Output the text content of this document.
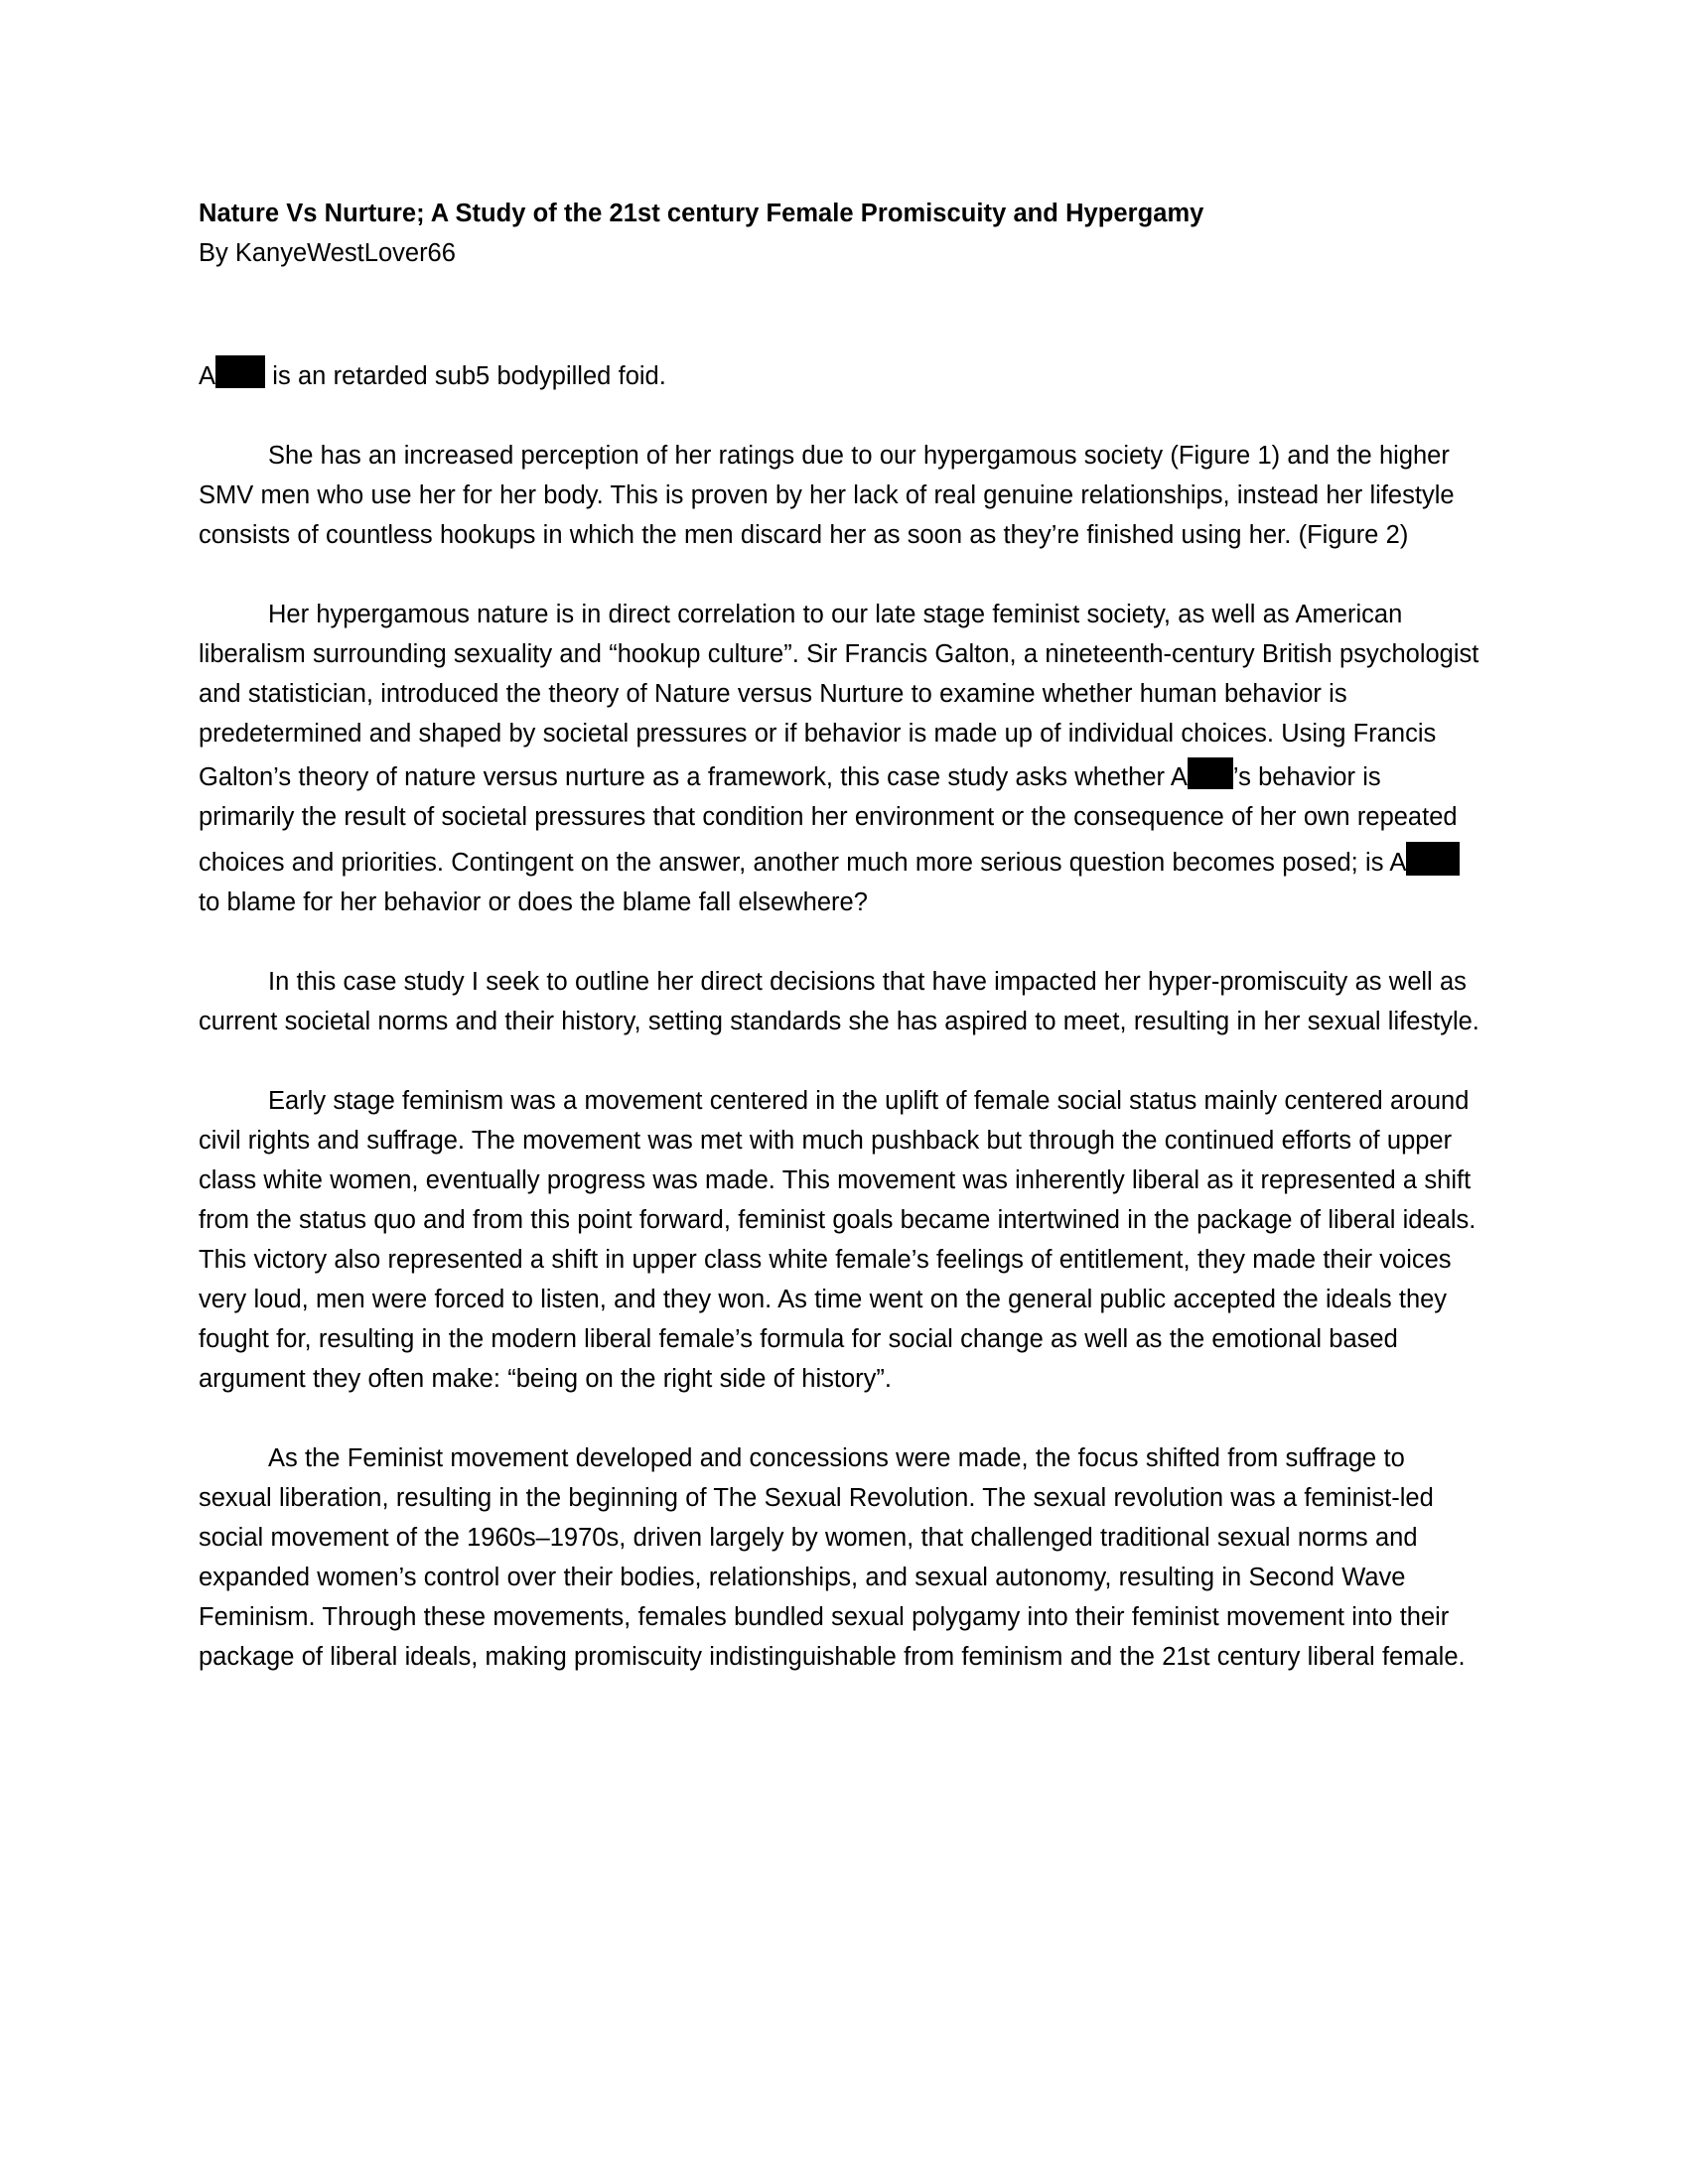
Nature Vs Nurture; A Study of the 21st century Female Promiscuity and Hypergamy
By KanyeWestLover66

A is an retarded sub5 bodypilled foid.

She has an increased perception of her ratings due to our hypergamous society (Figure 1) and the higher SMV men who use her for her body. This is proven by her lack of real genuine relationships, instead her lifestyle consists of countless hookups in which the men discard her as soon as they’re finished using her. (Figure 2)

Her hypergamous nature is in direct correlation to our late stage feminist society, as well as American liberalism surrounding sexuality and “hookup culture”. Sir Francis Galton, a nineteenth-century British psychologist and statistician, introduced the theory of Nature versus Nurture to examine whether human behavior is predetermined and shaped by societal pressures or if behavior is made up of individual choices. Using Francis Galton’s theory of nature versus nurture as a framework, this case study asks whether A ’s behavior is primarily the result of societal pressures that condition her environment or the consequence of her own repeated choices and priorities. Contingent on the answer, another much more serious question becomes posed; is A to blame for her behavior or does the blame fall elsewhere?

In this case study I seek to outline her direct decisions that have impacted her hyper-promiscuity as well as current societal norms and their history, setting standards she has aspired to meet, resulting in her sexual lifestyle.

Early stage feminism was a movement centered in the uplift of female social status mainly centered around civil rights and suffrage. The movement was met with much pushback but through the continued efforts of upper class white women, eventually progress was made. This movement was inherently liberal as it represented a shift from the status quo and from this point forward, feminist goals became intertwined in the package of liberal ideals. This victory also represented a shift in upper class white female’s feelings of entitlement, they made their voices very loud, men were forced to listen, and they won. As time went on the general public accepted the ideals they fought for, resulting in the modern liberal female’s formula for social change as well as the emotional based argument they often make: “being on the right side of history”.

As the Feminist movement developed and concessions were made, the focus shifted from suffrage to sexual liberation, resulting in the beginning of The Sexual Revolution. The sexual revolution was a feminist-led social movement of the 1960s–1970s, driven largely by women, that challenged traditional sexual norms and expanded women’s control over their bodies, relationships, and sexual autonomy, resulting in Second Wave Feminism. Through these movements, females bundled sexual polygamy into their feminist movement into their package of liberal ideals, making promiscuity indistinguishable from feminism and the 21st century liberal female.
